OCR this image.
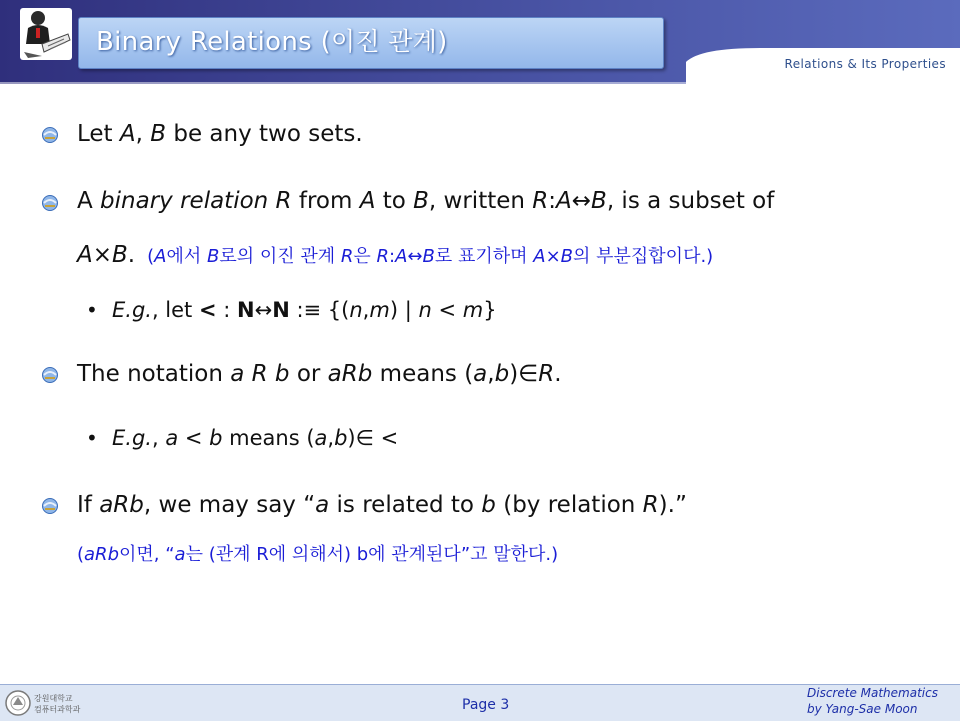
Binary Relations (이진 관계)
Relations & Its Properties
Let A, B be any two sets.
A binary relation R from A to B, written R:A↔B, is a subset of
A×B. (A에서 B로의 이진 관계 R은 R:A↔B로 표기하며 A×B의 부분집합이다.)
• E.g., let < : N↔N :≡ {(n,m) | n < m}
The notation a R b or aRb means (a,b)∈R.
• E.g., a < b means (a,b)∈ <
If aRb, we may say “a is related to b (by relation R).”
(aRb이면, “a는 (관계 R에 의해서) b에 관계된다”고 말한다.)
강원대학교
컴퓨터과학과	Page 3
Discrete Mathematics
by Yang-Sae Moon
